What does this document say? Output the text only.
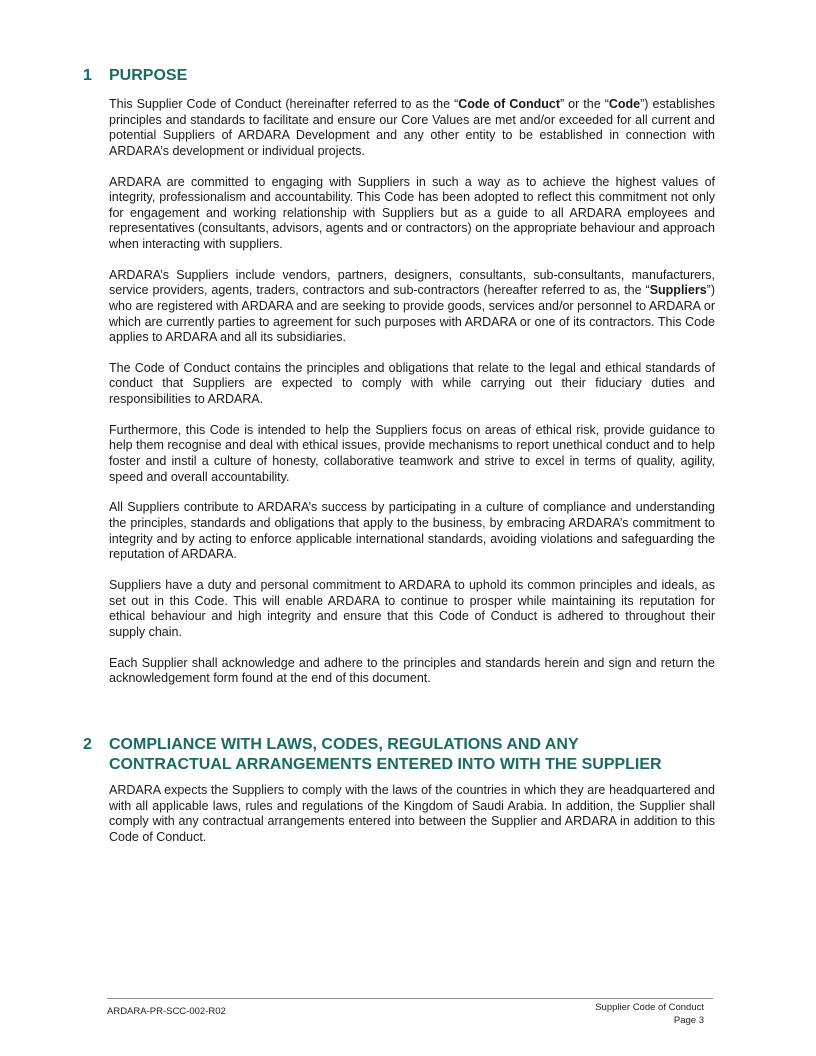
1	PURPOSE

This Supplier Code of Conduct (hereinafter referred to as the “Code of Conduct” or the “Code”) establishes principles and standards to facilitate and ensure our Core Values are met and/or exceeded for all current and potential Suppliers of ARDARA Development and any other entity to be established in connection with ARDARA’s development or individual projects.

ARDARA are committed to engaging with Suppliers in such a way as to achieve the highest values of integrity, professionalism and accountability. This Code has been adopted to reflect this commitment not only for engagement and working relationship with Suppliers but as a guide to all ARDARA employees and representatives (consultants, advisors, agents and or contractors) on the appropriate behaviour and approach when interacting with suppliers.

ARDARA’s Suppliers include vendors, partners, designers, consultants, sub-consultants, manufacturers, service providers, agents, traders, contractors and sub-contractors (hereafter referred to as, the “Suppliers”) who are registered with ARDARA and are seeking to provide goods, services and/or personnel to ARDARA or which are currently parties to agreement for such purposes with ARDARA or one of its contractors. This Code applies to ARDARA and all its subsidiaries.

The Code of Conduct contains the principles and obligations that relate to the legal and ethical standards of conduct that Suppliers are expected to comply with while carrying out their fiduciary duties and responsibilities to ARDARA.

Furthermore, this Code is intended to help the Suppliers focus on areas of ethical risk, provide guidance to help them recognise and deal with ethical issues, provide mechanisms to report unethical conduct and to help foster and instil a culture of honesty, collaborative teamwork and strive to excel in terms of quality, agility, speed and overall accountability.

All Suppliers contribute to ARDARA’s success by participating in a culture of compliance and understanding the principles, standards and obligations that apply to the business, by embracing ARDARA’s commitment to integrity and by acting to enforce applicable international standards, avoiding violations and safeguarding the reputation of ARDARA.

Suppliers have a duty and personal commitment to ARDARA to uphold its common principles and ideals, as set out in this Code. This will enable ARDARA to continue to prosper while maintaining its reputation for ethical behaviour and high integrity and ensure that this Code of Conduct is adhered to throughout their supply chain.

Each Supplier shall acknowledge and adhere to the principles and standards herein and sign and return the acknowledgement form found at the end of this document.

2	COMPLIANCE WITH LAWS, CODES, REGULATIONS AND ANY
CONTRACTUAL ARRANGEMENTS ENTERED INTO WITH THE SUPPLIER

ARDARA expects the Suppliers to comply with the laws of the countries in which they are headquartered and with all applicable laws, rules and regulations of the Kingdom of Saudi Arabia. In addition, the Supplier shall comply with any contractual arrangements entered into between the Supplier and ARDARA in addition to this Code of Conduct.

ARDARA-PR-SCC-002-R02	Supplier Code of Conduct
Page 3
